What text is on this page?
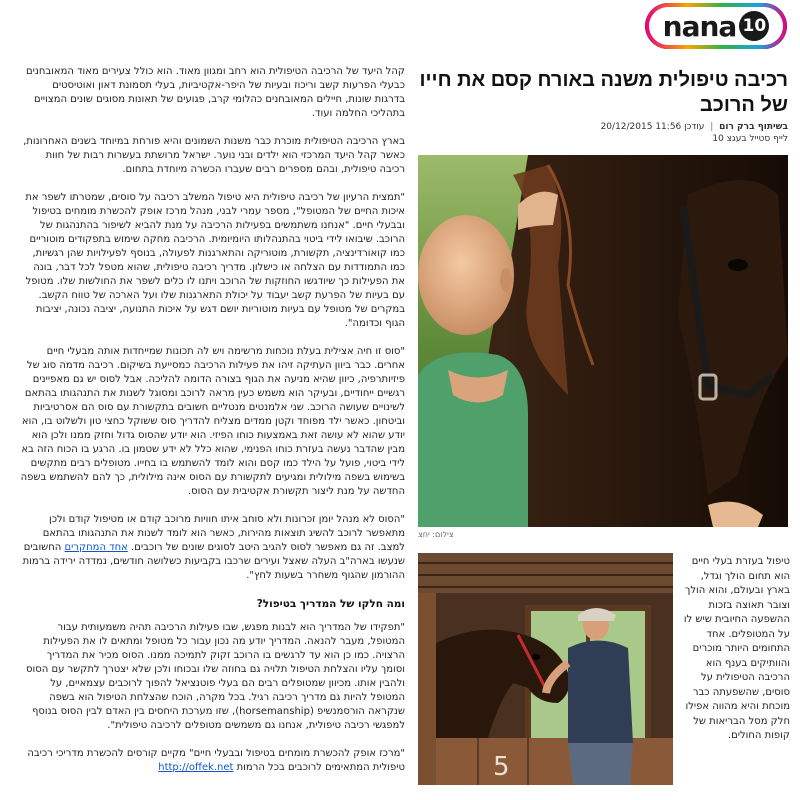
nana 10
רכיבה טיפולית משנה באורח קסם את חייו של הרוכב
בשיתוף ברק רום | עודכן 11:56 20/12/2015
לייף סטייל בעגצ 10
צילום: יחצ
5
טיפול בעזרת בעלי חיים הוא תחום הולך וגדל, בארץ ובעולם, והוא הולך וצובר תאוצה בזכות ההשפעה החיובית שיש לו על המטופלים. אחד התחומים היותר מוכרים והוותיקים בענף הוא הרכיבה הטיפולית על סוסים, שהשפעתה כבר מוכחת והיא מהווה אפילו חלק מסל הבריאות של קופות החולים.

קהל היעד של הרכיבה הטיפולית הוא רחב ומגוון מאוד. הוא כולל צעירים מאוד המאובחנים כבעלי הפרעות קשב וריכוז ובעיות של היפר-אקטיביות, בעלי תסמונת דאון ואוטיסטים בדרגות שונות, חיילים המאובחנים כהלומי קרב, פגועים של תאונות מסוגים שונים המצויים בתהליכי החלמה ועוד.

בארץ הרכיבה הטיפולית מוכרת כבר משנות השמונים והיא פורחת במיוחד בשנים האחרונות, כאשר קהל היעד המרכזי הוא ילדים ובני נוער. ישראל מרושתת בעשרות רבות של חוות רכיבה טיפולית, ובהם מספרים רבים שעברו הכשרה מיוחדת בתחום.

"תמצית הרעיון של רכיבה טיפולית היא טיפול המשלב רכיבה על סוסים, שמטרתו לשפר את איכות החיים של המטופל", מספר עמרי לבני, מנהל מרכז אופק להכשרת מומחים בטיפול ובבעלי חיים. "אנחנו משתמשים בפעילות הרכיבה על מנת להביא לשיפור בהתנהגות של הרוכב. שיבואו לידי ביטוי בהתנהלותו היומיומית. הרכיבה מחקה שימוש בתפקודים מוטוריים כמו קואורדינציה, תקשורת, מוטוריקה והתארגנות לפעולה, בנוסף לפעילויות שהן רגשיות, כמו התמודדות עם הצלחה או כישלון. מדריך רכיבה טיפולית, שהוא מטפל לכל דבר, בונה את הפעילות כך שיודגשו החוזקות של הרוכב ויתנו לו כלים לשפר את החולשות שלו. מטופל עם בעיות של הפרעת קשב יעבוד על יכולת התארגנות שלו ועל הארכה של טווח הקשב. במקרים של מטופל עם בעיות מוטוריות יושם דגש על איכות התנועה, יציבה נכונה, יציבות הגוף וכדומה".

"סוס זו חיה אצילית בעלת נוכחות מרשימה ויש לה תכונות שמייחדות אותה מבעלי חיים אחרים. כבר ביוון העתיקה זיהו את פעילות הרכיבה כמסייעת בשיקום. רכיבה מדמה סוג של פיזיותרפיה, כיוון שהיא מניעה את הגוף בצורה הדומה להליכה. אבל לסוס יש גם מאפיינים רגשיים ייחודיים, ובעיקר הוא משמש כעין מראה לרוכב ומסוגל לשנות את התנהגותו בהתאם לשינויים שעושה הרוכב. שני אלמנטים מנטליים חשובים בתקשורת עם סוס הם אסרטיביות וביטחון. כאשר ילד מפוחד וקטן ממדים מצליח להדריך סוס ששוקל כחצי טון ולשלוט בו, הוא יודע שהוא לא עושה זאת באמצעות כוחו הפיזי. הוא יודע שהסוס גדול וחזק ממנו ולכן הוא מבין שהדבר נעשה בעזרת כוחו הפנימי, שהוא כלל לא ידע שטמון בו. הרגע בו הכוח הזה בא לידי ביטוי, פועל על הילד כמו קסם והוא לומד להשתמש בו בחייו. מטופלים רבים מתקשים בשימוש בשפה מילולית ומגיעים לתקשורת עם הסוס אינה מילולית, כך להם להשתמש בשפה החדשה על מנת ליצור תקשורת אקטיבית עם הסוס.

"הסוס לא מנהל יומן זכרונות ולא סוחב איתו חוויות מרוכב קודם או מטיפול קודם ולכן מתאפשר לרוכב להשיג תוצאות מהירות, כאשר הוא לומד לשנות את התנהגותו בהתאם למצב. זה גם מאפשר לסוס להגיב היטב לסוגים שונים של רוכבים. אחד המחקרים החשובים שנעשו בארה"ב העלה שאצל ועירים שרכבו בקביעות כשלושה חודשים, נמדדה ירידה ברמות ההורמון שהגוף משחרר בשעות לחץ".

ומה חלקו של המדריך בטיפול?

"תפקידו של המדריך הוא לבנות מפגש, שבו פעילות הרכיבה תהיה משמעותית עבור המטופל, מעבר להנאה. המדריך יודע מה נכון עבור כל מטופל ומתאים לו את הפעילות הרצויה. כמו כן הוא עד לרגשים בו הרוכב זקוק לתמיכה ממנו. הסוס מכיר את המדריך וסומך עליו והצלחת הטיפול תלויה גם בחוזה שלו ובכוחו ולכן שלא יצטרך לתקשר עם הסוס ולהבין אותו. מכיוון שמטופלים רבים הם בעלי פוטנציאל להפוך לרוכבים עצמאיים, על המטופל להיות גם מדריך רכיבה רגיל. בכל מקרה, הוכח שהצלחת הטיפול הוא בשפה שנקראה הורסמנשיפ (horsemanship), שזו מערכת היחסים בין האדם לבין הסוס בנוסף למפגשי רכיבה טיפולית, אנחנו גם משמשים מטופלים לרכיבה טיפולית".

"מרכז אופק להכשרת מומחים בטיפול ובבעלי חיים" מקיים קורסים להכשרת מדריכי רכיבה טיפולית המתאימים לרוכבים בכל הרמות http://offek.net
